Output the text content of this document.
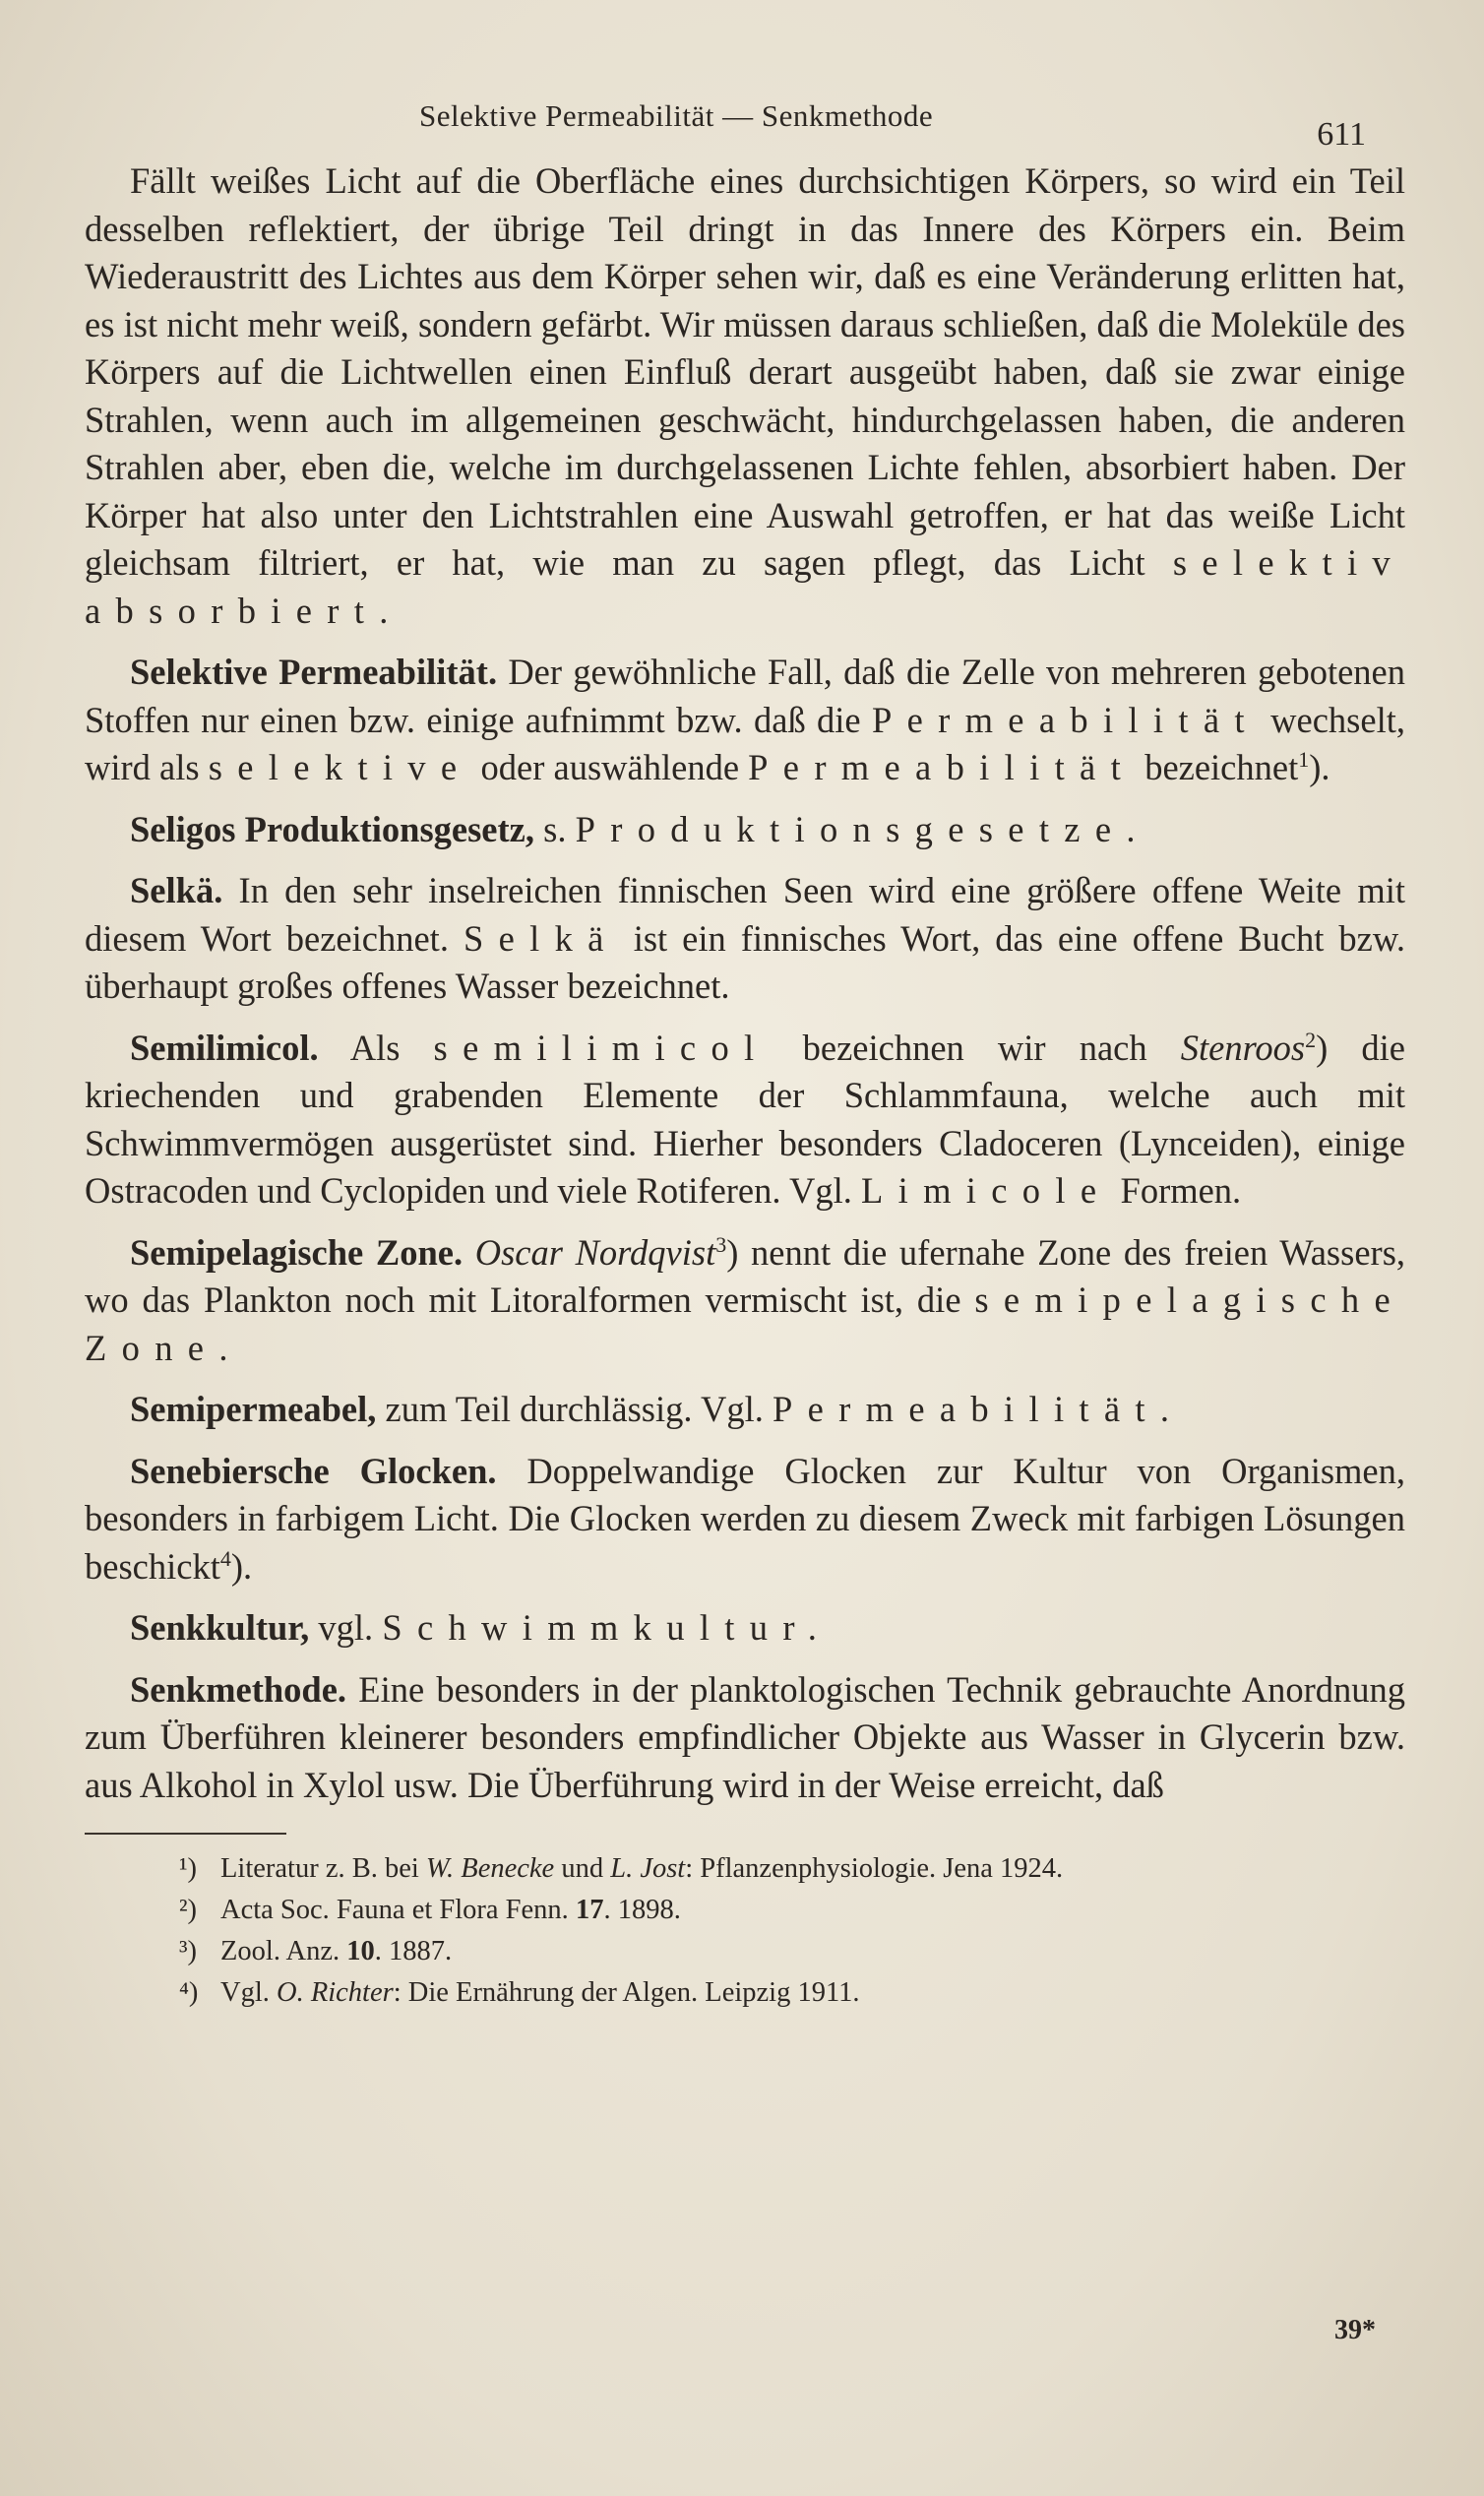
Selektive Permeabilität — Senkmethode
611

Fällt weißes Licht auf die Oberfläche eines durchsichtigen Körpers, so wird ein Teil desselben reflektiert, der übrige Teil dringt in das Innere des Körpers ein. Beim Wiederaustritt des Lichtes aus dem Körper sehen wir, daß es eine Veränderung erlitten hat, es ist nicht mehr weiß, sondern gefärbt. Wir müssen daraus schließen, daß die Moleküle des Körpers auf die Lichtwellen einen Einfluß derart ausgeübt haben, daß sie zwar einige Strahlen, wenn auch im allgemeinen geschwächt, hindurchgelassen haben, die anderen Strahlen aber, eben die, welche im durchgelassenen Lichte fehlen, absorbiert haben. Der Körper hat also unter den Lichtstrahlen eine Auswahl getroffen, er hat das weiße Licht gleichsam filtriert, er hat, wie man zu sagen pflegt, das Licht selektiv absorbiert.

Selektive Permeabilität. Der gewöhnliche Fall, daß die Zelle von mehreren gebotenen Stoffen nur einen bzw. einige aufnimmt bzw. daß die Permeabilität wechselt, wird als selektive oder auswählende Permeabilität bezeichnet$^1$).

Seligos Produktionsgesetz, s. Produktionsgesetze.

Selkä. In den sehr inselreichen finnischen Seen wird eine größere offene Weite mit diesem Wort bezeichnet. Selkä ist ein finnisches Wort, das eine offene Bucht bzw. überhaupt großes offenes Wasser bezeichnet.

Semilimicol. Als semilimicol bezeichnen wir nach Stenroos$^2$) die kriechenden und grabenden Elemente der Schlammfauna, welche auch mit Schwimmvermögen ausgerüstet sind. Hierher besonders Cladoceren (Lynceiden), einige Ostracoden und Cyclopiden und viele Rotiferen. Vgl. Limicole Formen.

Semipelagische Zone. Oscar Nordqvist$^3$) nennt die ufernahe Zone des freien Wassers, wo das Plankton noch mit Litoralformen vermischt ist, die semipelagische Zone.

Semipermeabel, zum Teil durchlässig. Vgl. Permeabilität.

Senebiersche Glocken. Doppelwandige Glocken zur Kultur von Organismen, besonders in farbigem Licht. Die Glocken werden zu diesem Zweck mit farbigen Lösungen beschickt$^4$).

Senkkultur, vgl. Schwimmkultur.

Senkmethode. Eine besonders in der planktologischen Technik gebrauchte Anordnung zum Überführen kleinerer besonders empfindlicher Objekte aus Wasser in Glycerin bzw. aus Alkohol in Xylol usw. Die Überführung wird in der Weise erreicht, daß

¹) Literatur z. B. bei W. Benecke und L. Jost: Pflanzenphysiologie. Jena 1924.
²) Acta Soc. Fauna et Flora Fenn. 17. 1898.
³) Zool. Anz. 10. 1887.
⁴) Vgl. O. Richter: Die Ernährung der Algen. Leipzig 1911.
39*
